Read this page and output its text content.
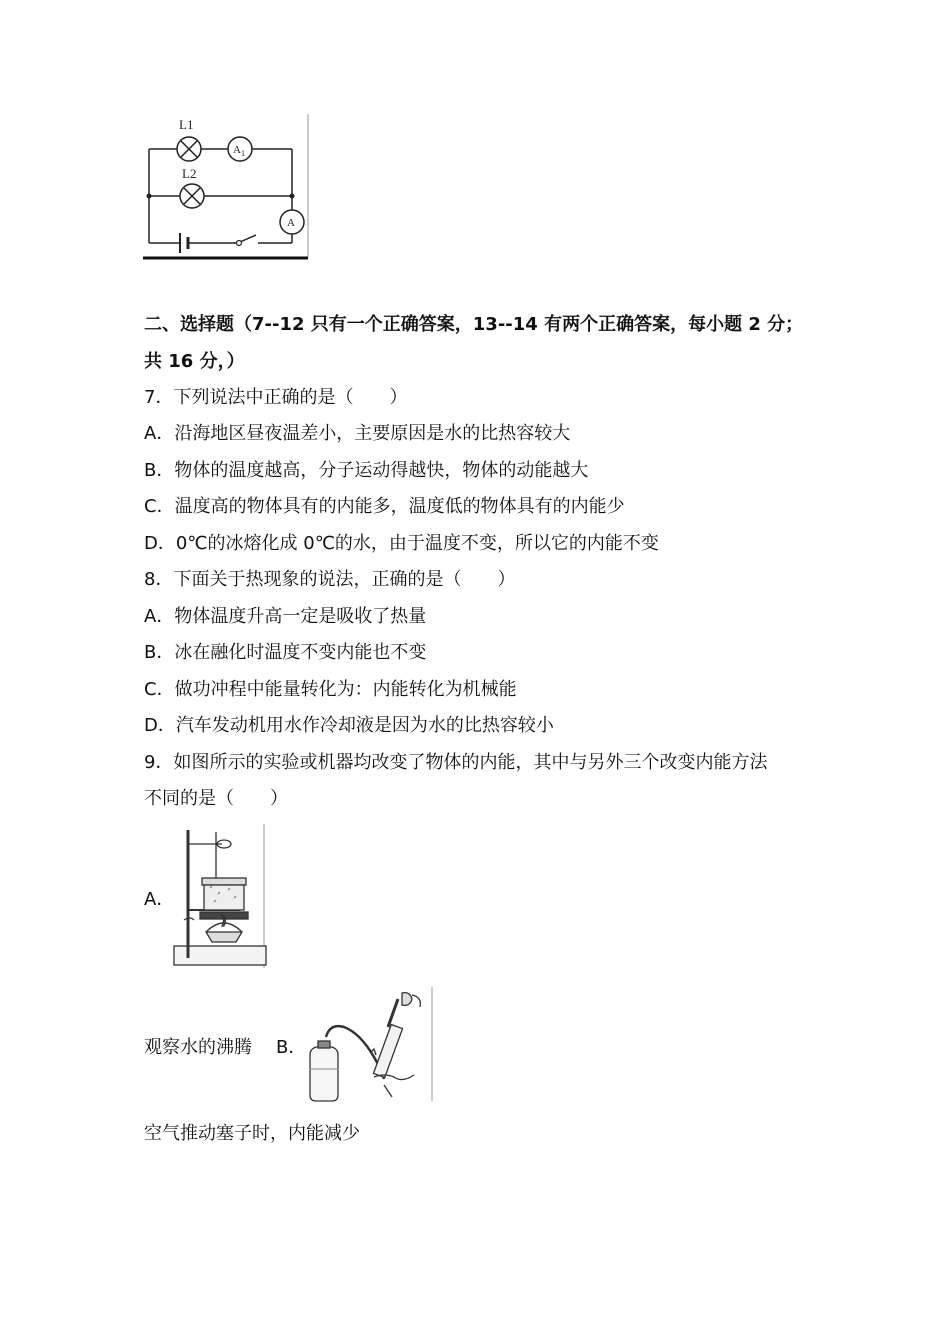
L1
L2
A 1
A
二、选择题（7--12 只有一个正确答案，13--14 有两个正确答案，每小题 2 分；
共 16 分，）
7．下列说法中正确的是（　　）
A．沿海地区昼夜温差小，主要原因是水的比热容较大
B．物体的温度越高，分子运动得越快，物体的动能越大
C．温度高的物体具有的内能多，温度低的物体具有的内能少
D．0℃的冰熔化成 0℃的水，由于温度不变，所以它的内能不变
8．下面关于热现象的说法，正确的是（　　）
A．物体温度升高一定是吸收了热量
B．冰在融化时温度不变内能也不变
C．做功冲程中能量转化为：内能转化为机械能
D．汽车发动机用水作冷却液是因为水的比热容较小
9．如图所示的实验或机器均改变了物体的内能，其中与另外三个改变内能方法
不同的是（　　）
A．
观察水的沸腾 B．
空气推动塞子时，内能减少
